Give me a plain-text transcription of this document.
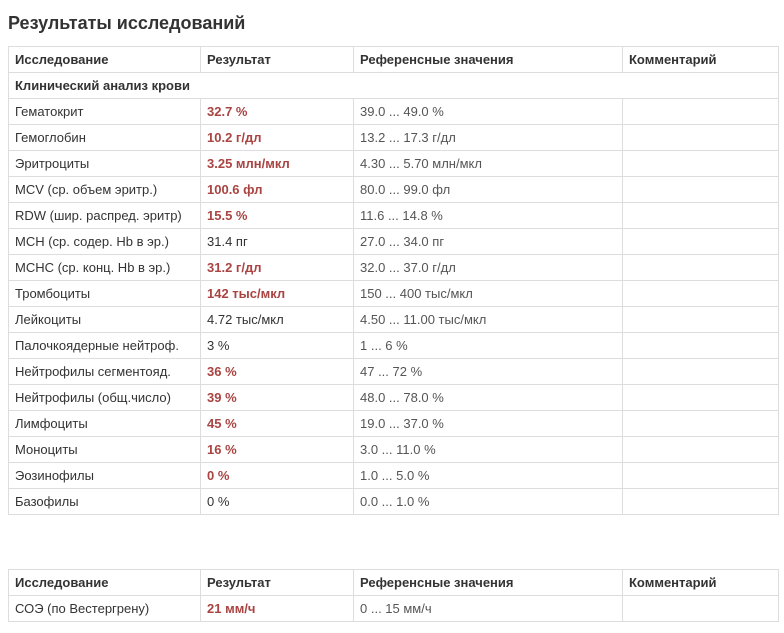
Результаты исследований
Исследование	Результат	Референсные значения	Комментарий
Клинический анализ крови			
Гематокрит	32.7 %	39.0 ... 49.0 %	
Гемоглобин	10.2 г/дл	13.2 ... 17.3 г/дл	
Эритроциты	3.25 млн/мкл	4.30 ... 5.70 млн/мкл	
MCV (ср. объем эритр.)	100.6 фл	80.0 ... 99.0 фл	
RDW (шир. распред. эритр)	15.5 %	11.6 ... 14.8 %	
MCH (ср. содер. Hb в эр.)	31.4 пг	27.0 ... 34.0 пг	
MCHC (ср. конц. Hb в эр.)	31.2 г/дл	32.0 ... 37.0 г/дл	
Тромбоциты	142 тыс/мкл	150 ... 400 тыс/мкл	
Лейкоциты	4.72 тыс/мкл	4.50 ... 11.00 тыс/мкл	
Палочкоядерные нейтроф.	3 %	1 ... 6 %	
Нейтрофилы сегментояд.	36 %	47 ... 72 %	
Нейтрофилы (общ.число)	39 %	48.0 ... 78.0 %	
Лимфоциты	45 %	19.0 ... 37.0 %	
Моноциты	16 %	3.0 ... 11.0 %	
Эозинофилы	0 %	1.0 ... 5.0 %	
Базофилы	0 %	0.0 ... 1.0 %	
Исследование	Результат	Референсные значения	Комментарий
СОЭ (по Вестергрену)	21 мм/ч	0 ... 15 мм/ч	
